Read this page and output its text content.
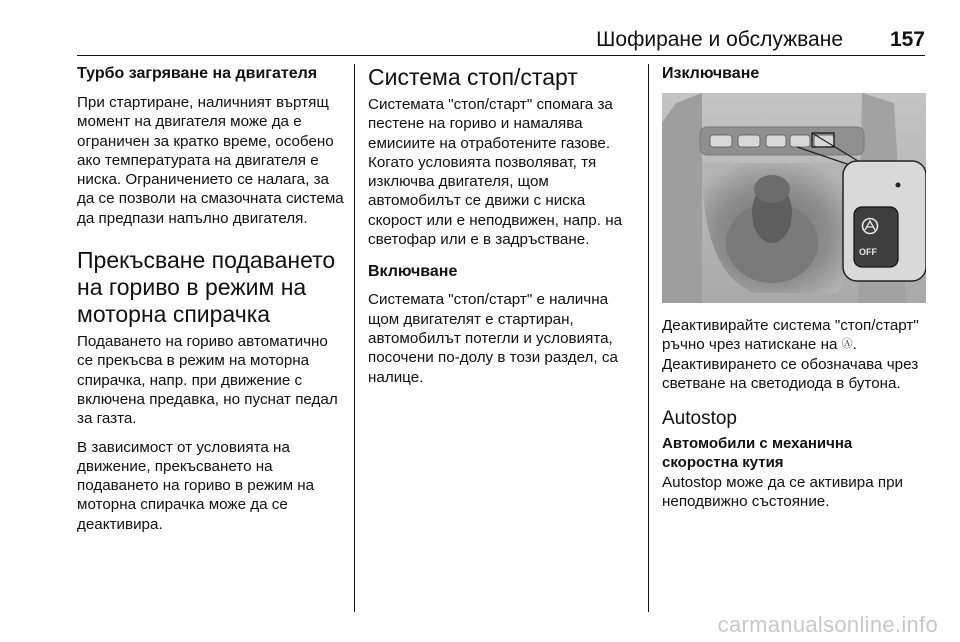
Шофиране и обслужване 157
Турбо загряване на двигателя

При стартиране, наличният въртящ момент на двигателя може да е ограничен за кратко време, особено ако температурата на двигателя е ниска. Ограничението се налага, за да се позволи на смазочната система да предпази напълно двигателя.

Прекъсване подаването на гориво в режим на моторна спирачка

Подаването на гориво автоматично се прекъсва в режим на моторна спирачка, напр. при движение с включена предавка, но пуснат педал за газта.

В зависимост от условията на движение, прекъсването на подаването на гориво в режим на моторна спирачка може да се деактивира.

Система стоп/старт

Системата "стоп/старт" спомага за пестене на гориво и намалява емисиите на отработените газове. Когато условията позволяват, тя изключва двигателя, щом автомобилът се движи с ниска скорост или е неподвижен, напр. на светофар или е в задръстване.

Включване

Системата "стоп/старт" е налична щом двигателят е стартиран, автомобилът потегли и условията, посочени по-долу в този раздел, са налице.

Изключване
OFF

Деактивирайте система "стоп/старт" ръчно чрез натискане на Ⓐ. Деактивирането се обозначава чрез светване на светодиода в бутона.

Autostop
Автомобили с механична скоростна кутия

Autostop може да се активира при неподвижно състояние.

carmanualsonline.info
